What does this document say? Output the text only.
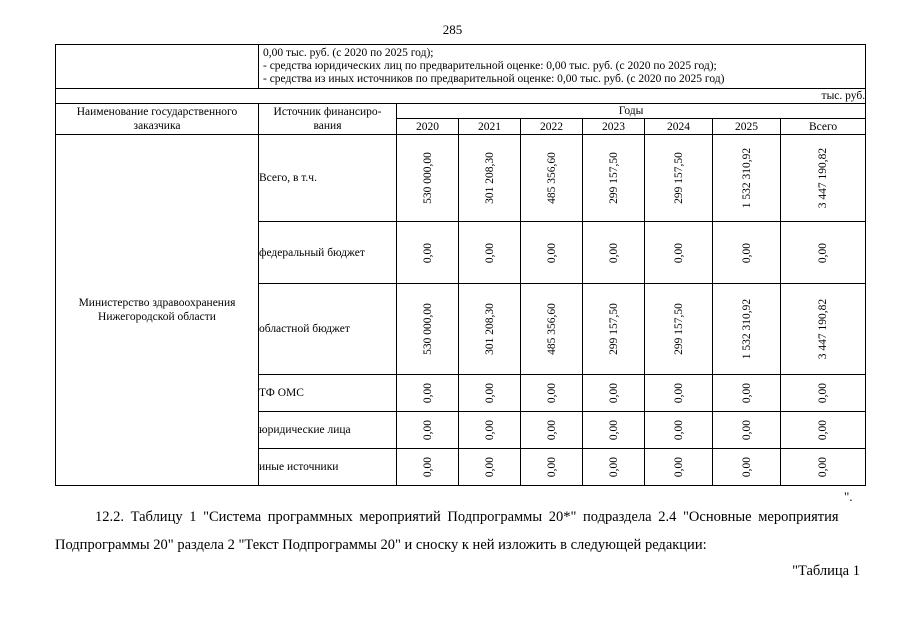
285

	0,00 тыс. руб. (с 2020 по 2025 год);
- средства юридических лиц по предварительной оценке: 0,00 тыс. руб. (с 2020 по 2025 год);
- средства из иных источников по предварительной оценке: 0,00 тыс. руб. (с 2020 по 2025 год)							

тыс. руб.								
Наименование государственного заказчика	Источник финансиро- вания	Годы						
		2020	2021	2022	2023	2024	2025	Всего
Министерство здравоохранения Нижегородской области	Всего, в т.ч.	530 000,00	301 208,30	485 356,60	299 157,50	299 157,50	1 532 310,92	3 447 190,82

	федеральный бюджет	0,00	0,00	0,00	0,00	0,00	0,00	0,00

	областной бюджет	530 000,00	301 208,30	485 356,60	299 157,50	299 157,50	1 532 310,92	3 447 190,82

	ТФ ОМС	0,00	0,00	0,00	0,00	0,00	0,00	0,00

	юридические лица	0,00	0,00	0,00	0,00	0,00	0,00	0,00

	иные источники	0,00	0,00	0,00	0,00	0,00	0,00	0,00
".
12.2. Таблицу 1 "Система программных мероприятий Подпрограммы 20*" подраздела 2.4 "Основные мероприятия
Подпрограммы 20" раздела 2 "Текст Подпрограммы 20" и сноску к ней изложить в следующей редакции:
"Таблица 1
